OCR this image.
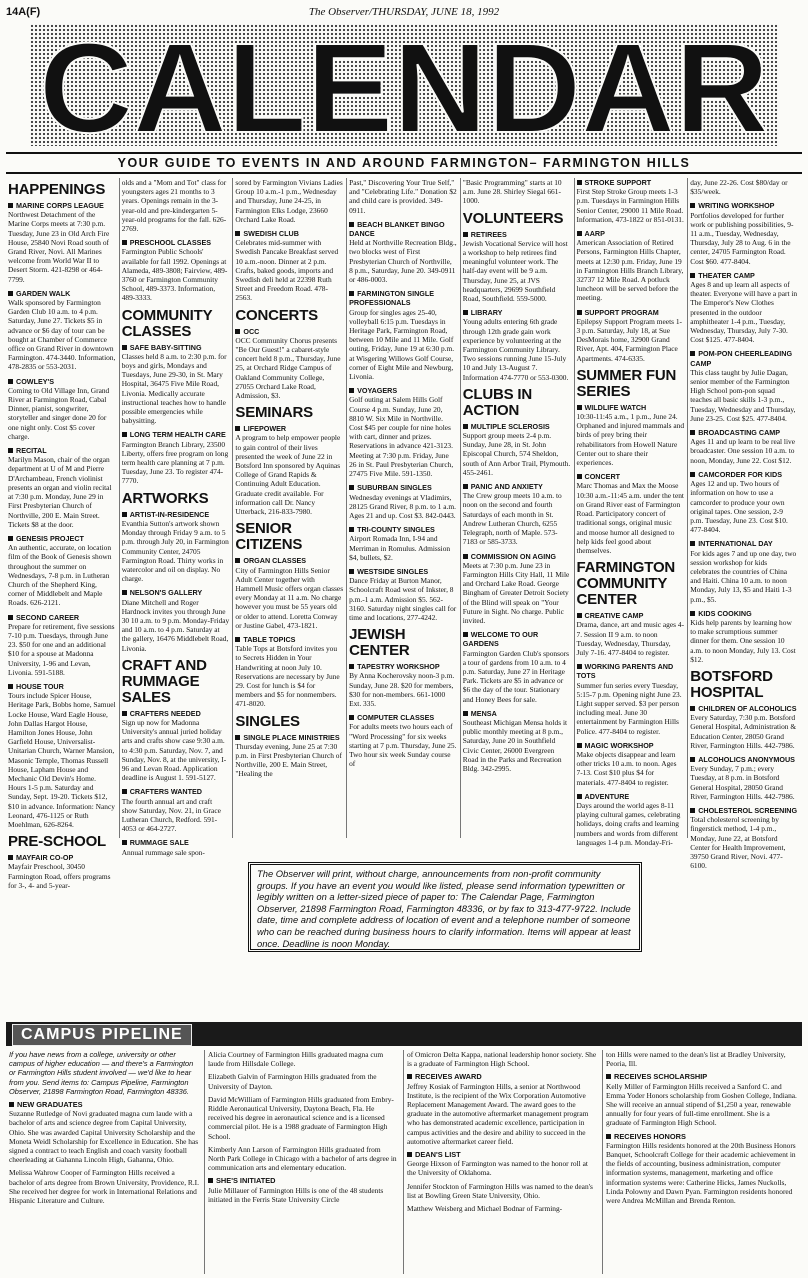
14A(F)	The Observer/THURSDAY, JUNE 18, 1992
CALENDAR
YOUR GUIDE TO EVENTS IN AND AROUND FARMINGTON– FARMINGTON HILLS
HAPPENINGS
MARINE CORPS LEAGUE
Northwest Detachment of the Marine Corps meets at 7:30 p.m. Tuesday, June 23 in Old Arch Fire House, 25840 Novi Road south of Grand River, Novi. All Marines welcome from World War II to Desert Storm. 421-8298 or 464-7799.
GARDEN WALK
Walk sponsored by Farmington Garden Club 10 a.m. to 4 p.m. Saturday, June 27. Tickets $5 in advance or $6 day of tour can be bought at Chamber of Commerce office on Grand River in downtown Farmington. 474-3440. Information, 478-2835 or 553-2031.
COWLEY'S
Coming to Old Village Inn, Grand River at Farmington Road, Cabal Dinner, pianist, songwriter, storyteller and singer done 20 for one night only. Cost $5 cover charge.
RECITAL
Marilyn Mason, chair of the organ department at U of M and Pierre D'Archambeau, French violinist presents an organ and violin recital at 7:30 p.m. Monday, June 29 in First Presbyterian Church of Northville, 200 E. Main Street. Tickets $8 at the door.
GENESIS PROJECT
An authentic, accurate, on location film of the Book of Genesis shown throughout the summer on Wednesdays, 7-8 p.m. in Lutheran Church of the Shepherd King, corner of Middlebelt and Maple Roads. 626-2121.
SECOND CAREER
Prepare for retirement, five sessions 7-10 p.m. Tuesdays, through June 23. $50 for one and an additional $10 for a spouse at Madonna University, 1-96 and Levan, Livonia. 591-5188.
HOUSE TOUR
Tours include Spicer House, Heritage Park, Bobbs home, Samuel Locke House, Ward Eagle House, John Dallas Hargot House, Hamilton Jones House, John Garfield House, Universalist-Unitarian Church, Warner Mansion, Masonic Temple, Thomas Russell House, Lapham House and Mechanic Old Devin's Home. Hours 1-5 p.m. Saturday and Sunday, Sept. 19-20. Tickets $12, $10 in advance. Information: Nancy Leonard, 476-1125 or Ruth Moehlman, 626-8264.
PRE-SCHOOL
MAYFAIR CO-OP
Mayfair Preschool, 30450 Farmington Road, offers programs for 3-, 4- and 5-year-
olds and a "Mom and Tot" class for youngsters ages 21 months to 3 years. Openings remain in the 3-year-old and pre-kindergarten 5-year-old programs for the fall. 626-2769.
PRESCHOOL CLASSES
Farmington Public Schools' available for fall 1992. Openings at Alameda, 489-3808; Fairview, 489-3760 or Farmington Community School, 489-3373. Information, 489-3333.
COMMUNITY CLASSES
SAFE BABY-SITTING
Classes held 8 a.m. to 2:30 p.m. for boys and girls, Mondays and Tuesdays, June 29-30, in St. Mary Hospital, 36475 Five Mile Road, Livonia. Medically accurate instructional teaches how to handle possible emergencies while babysitting.
LONG TERM HEALTH CARE
Farmington Branch Library, 23500 Liberty, offers free program on long term health care planning at 7 p.m. Tuesday, June 23. To register 474-7770.
ARTWORKS
ARTIST-IN-RESIDENCE
Evanthia Sutton's artwork shown Monday through Friday 9 a.m. to 5 p.m. through July 20, in Farmington Community Center, 24705 Farmington Road. Thirty works in watercolor and oil on display. No charge.
NELSON'S GALLERY
Diane Mitchell and Roger Hardnock invites you through June 30 10 a.m. to 9 p.m. Monday-Friday and 10 a.m. to 4 p.m. Saturday at the gallery, 16476 Middlebelt Road, Livonia.
CRAFT AND RUMMAGE SALES
CRAFTERS NEEDED
Sign up now for Madonna University's annual juried holiday arts and crafts show case 9:30 a.m. to 4:30 p.m. Saturday, Nov. 7, and Sunday, Nov. 8, at the university, I-96 and Levan Road. Application deadline is August 1. 591-5127.
CRAFTERS WANTED
The fourth annual art and craft show Saturday, Nov. 21, in Grace Lutheran Church, Redford. 591-4053 or 464-2727.
RUMMAGE SALE
Annual rummage sale spon-
sored by Farmington Vivians Ladies Group 10 a.m.-1 p.m., Wednesday and Thursday, June 24-25, in Farmington Elks Lodge, 23660 Orchard Lake Road.
SWEDISH CLUB
Celebrates mid-summer with Swedish Pancake Breakfast served 10 a.m.-noon. Dinner at 2 p.m. Crafts, baked goods, imports and Swedish deli held at 22398 Ruth Street and Freedom Road. 478-2563.
CONCERTS
OCC
OCC Community Chorus presents "Be Our Guest!" a cabaret-style concert held 8 p.m., Thursday, June 25, at Orchard Ridge Campus of Oakland Community College, 27055 Orchard Lake Road, Admission, $3.
SEMINARS
LIFEPOWER
A program to help empower people to gain control of their lives presented the week of June 22 in Botsford Inn sponsored by Aquinas College of Grand Rapids & Continuing Adult Education. Graduate credit available. For information call Dr. Nancy Utterback, 216-833-7980.
SENIOR CITIZENS
ORGAN CLASSES
City of Farmington Hills Senior Adult Center together with Hammell Music offers organ classes every Monday at 11 a.m. No charge however you must be 55 years old or older to attend. Loretta Conway or Justine Gabel, 473-1821.
TABLE TOPICS
Table Tops at Botsford invites you to Secrets Hidden in Your Handwriting at noon July 10. Reservations are necessary by June 29. Cost for lunch is $4 for members and $5 for nonmembers. 471-8020.
SINGLES
SINGLE PLACE MINISTRIES
Thursday evening, June 25 at 7:30 p.m. in First Presbyterian Church of Northville, 200 E. Main Street, "Healing the
Past," Discovering Your True Self," and "Celebrating Life." Donation $2 and child care is provided. 349-0911.
BEACH BLANKET BINGO DANCE
Held at Northville Recreation Bldg., two blocks west of First Presbyterian Church of Northville, 8 p.m., Saturday, June 20. 349-0911 or 486-0003.
FARMINGTON SINGLE PROFESSIONALS
Group for singles ages 25-40, volleyball 6:15 p.m. Tuesdays in Heritage Park, Farmington Road, between 10 Mile and 11 Mile. Golf outing, Friday, June 19 at 6:30 p.m. at Wisgering Willows Golf Course, corner of Eight Mile and Newburg, Livonia.
VOYAGERS
Golf outing at Salem Hills Golf Course 4 p.m. Sunday, June 20, 8810 W. Six Mile in Northville. Cost $45 per couple for nine holes with cart, dinner and prizes. Reservations in advance 421-3123. Meeting at 7:30 p.m. Friday, June 26 in St. Paul Presbyterian Church, 27475 Five Mile. 591-1350.
SUBURBAN SINGLES
Wednesday evenings at Vladimirs, 28125 Grand River, 8 p.m. to 1 a.m. Ages 21 and up. Cost $3. 842-0443.
TRI-COUNTY SINGLES
Airport Romada Inn, I-94 and Merriman in Romulus. Admission $4, bullets, $2.
WESTSIDE SINGLES
Dance Friday at Burton Manor, Schoolcraft Road west of Inkster, 8 p.m.-1 a.m. Admission $5. 562-3160. Saturday night singles call for time and locations, 277-4242.
JEWISH CENTER
TAPESTRY WORKSHOP
By Anna Kocherovsky noon-3 p.m. Sunday, June 28. $20 for members, $30 for non-members. 661-1000 Ext. 335.
COMPUTER CLASSES
For adults meets two hours each of "Word Processing" for six weeks starting at 7 p.m. Thursday, June 25. Two hour six week Sunday course of
"Basic Programming" starts at 10 a.m. June 28. Shirley Siegal 661-1000.
VOLUNTEERS
RETIREES
Jewish Vocational Service will host a workshop to help retirees find meaningful volunteer work. The half-day event will be 9 a.m. Thursday, June 25, at JVS headquarters, 29699 Southfield Road, Southfield. 559-5000.
LIBRARY
Young adults entering 6th grade through 12th grade gain work experience by volunteering at the Farmington Community Library. Two sessions running June 15-July 10 and July 13-August 7. Information 474-7770 or 553-0300.
CLUBS IN ACTION
MULTIPLE SCLEROSIS
Support group meets 2-4 p.m. Sunday, June 28, in St. John Episcopal Church, 574 Sheldon, south of Ann Arbor Trail, Plymouth. 455-2461.
PANIC AND ANXIETY
The Crew group meets 10 a.m. to noon on the second and fourth Saturdays of each month in St. Andrew Lutheran Church, 6255 Telegraph, north of Maple. 573-7183 or 585-3733.
COMMISSION ON AGING
Meets at 7:30 p.m. June 23 in Farmington Hills City Hall, 11 Mile and Orchard Lake Road. George Bingham of Greater Detroit Society of the Blind will speak on "Your Future in Sight. No charge. Public invited.
WELCOME TO OUR GARDENS
Farmington Garden Club's sponsors a tour of gardens from 10 a.m. to 4 p.m. Saturday, June 27 in Heritage Park. Tickets are $5 in advance or $6 the day of the tour. Stationary and Honey Bees for sale.
MENSA
Southeast Michigan Mensa holds it public monthly meeting at 8 p.m., Saturday, June 20 in Southfield Civic Center, 26000 Evergreen Road in the Parks and Recreation Bldg. 342-2995.
STROKE SUPPORT
First Step Stroke Group meets 1-3 p.m. Tuesdays in Farmington Hills Senior Center, 29000 11 Mile Road. Information, 473-1822 or 851-0131.
AARP
American Association of Retired Persons, Farmington Hills Chapter, meets at 12:30 p.m. Friday, June 19 in Farmington Hills Branch Library, 32737 12 Mile Road. A potluck luncheon will be served before the meeting.
SUPPORT PROGRAM
Epilepsy Support Program meets 1-3 p.m. Saturday, July 18, at Sue DesMorais home, 32900 Grand River, Apt. 404, Farmington Place Apartments. 474-6335.
SUMMER FUN SERIES
WILDLIFE WATCH
10:30-11:45 a.m., 1 p.m., June 24. Orphaned and injured mammals and birds of prey bring their rehabilitators from Howell Nature Center out to share their experiences.
CONCERT
Marc Thomas and Max the Moose 10:30 a.m.-11:45 a.m. under the tent on Grand River east of Farmington Road. Participatory concert of traditional songs, original music and moose humor all designed to help kids feel good about themselves.
FARMINGTON COMMUNITY CENTER
CREATIVE CAMP
Drama, dance, art and music ages 4-7. Session II 9 a.m. to noon Tuesday, Wednesday, Thursday, July 7-16. 477-8404 to register.
WORKING PARENTS AND TOTS
Summer fun series every Tuesday, 5:15-7 p.m. Opening night June 23. Light supper served. $3 per person including meal. June 30 entertainment by Farmington Hills Police. 477-8404 to register.
MAGIC WORKSHOP
Make objects disappear and learn other tricks 10 a.m. to noon. Ages 7-13. Cost $10 plus $4 for materials. 477-8404 to register.
ADVENTURE
Days around the world ages 8-11 playing cultural games, celebrating holidays, doing crafts and learning numbers and words from different languages 1-4 p.m. Monday-Fri-
day, June 22-26. Cost $80/day or $35/week.
WRITING WORKSHOP
Portfolios developed for further work or publishing possibilities, 9-11 a.m., Tuesday, Wednesday, Thursday, July 28 to Aug. 6 in the center, 24705 Farmington Road. Cost $60. 477-8404.
THEATER CAMP
Ages 8 and up learn all aspects of theater. Everyone will have a part in The Emperor's New Clothes presented in the outdoor amphitheater 1-4 p.m., Tuesday, Wednesday, Thursday, July 7-30. Cost $125. 477-8404.
POM-PON CHEERLEADING CAMP
This class taught by Julie Dagan, senior member of the Farmington High School pom-pon squad teaches all basic skills 1-3 p.m., Tuesday, Wednesday and Thursday, June 23-25. Cost $25. 477-8404.
BROADCASTING CAMP
Ages 11 and up learn to be real live broadcaster. One session 10 a.m. to noon, Monday, June 22. Cost $12.
CAMCORDER FOR KIDS
Ages 12 and up. Two hours of information on how to use a camcorder to produce your own original tapes. One session, 2-9 p.m. Tuesday, June 23. Cost $10. 477-8404.
INTERNATIONAL DAY
For kids ages 7 and up one day, two session workshop for kids celebrates the countries of China and Haiti. China 10 a.m. to noon Monday, July 13, $5 and Haiti 1-3 p.m., $5.
KIDS COOKING
Kids help parents by learning how to make scrumptious summer dinner for them. One session 10 a.m. to noon Monday, July 13. Cost $12.
BOTSFORD HOSPITAL
CHILDREN OF ALCOHOLICS
Every Saturday, 7:30 p.m. Botsford General Hospital, Administration & Education Center, 28050 Grand River, Farmington Hills. 442-7986.
ALCOHOLICS ANONYMOUS
Every Sunday, 7 p.m.; every Tuesday, at 8 p.m. in Botsford General Hospital, 28050 Grand River, Farmington Hills. 442-7986.
CHOLESTEROL SCREENING
Total cholesterol screening by fingerstick method, 1-4 p.m., Monday, June 22, at Botsford Center for Health Improvement, 39750 Grand River, Novi. 477-6100.
The Observer will print, without charge, announcements from non-profit community groups. If you have an event you would like listed, please send information typewritten or legibly written on a letter-sized piece of paper to: The Calendar Page, Farmington Observer, 21898 Farmington Road, Farmington 48336, or by fax to 313-477-9722. Include date, time and complete address of location of event and a telephone number of someone who can be reached during business hours to clarify information. Items will appear at least once. Deadline is noon Monday.
CAMPUS PIPELINE

If you have news from a college, university or other campus of higher education — and there's a Farmington or Farmington Hills student involved — we'd like to hear from you. Send items to: Campus Pipeline, Farmington Observer, 21898 Farmington Road, Farmington 48336.

NEW GRADUATES

Suzanne Rutledge of Novi graduated magna cum laude with a bachelor of arts and science degree from Capital University, Ohio. She was awarded Capital University Scholarship and the Moneta Weidl Scholarship for Excellence in Education. She has signed a contract to teach English and coach varsity football cheerleading at Gahanna Lincoln High, Gahanna, Ohio.

Melissa Wahrow Cooper of Farmington Hills received a bachelor of arts degree from Brown University, Providence, R.I. She received her degree for work in International Relations and Hispanic Literature and Culture.

Alicia Courtney of Farmington Hills graduated magna cum laude from Hillsdale College.

Elizabeth Galvin of Farmington Hills graduated from the University of Dayton.

David McWilliam of Farmington Hills graduated from Embry-Riddle Aeronautical University, Daytona Beach, Fla. He received his degree in aeronautical science and is a licensed commercial pilot. He is a 1988 graduate of Farmington High School.

Kimberly Ann Larson of Farmington Hills graduated from North Park College in Chicago with a bachelor of arts degree in communication arts and elementary education.

SHE'S INITIATED

Julie Millauer of Farmington Hills is one of the 48 students initiated in the Ferris State University Circle

of Omicron Delta Kappa, national leadership honor society. She is a graduate of Farmington High School.

RECEIVES AWARD

Jeffrey Kosiak of Farmington Hills, a senior at Northwood Institute, is the recipient of the Wix Corporation Automotive Replacement Management Award. The award goes to the graduate in the automotive aftermarket management program who has demonstrated academic excellence, participation in campus activities and the desire and ability to succeed in the automotive aftermarket career field.

DEAN'S LIST

George Hixson of Farmington was named to the honor roll at the University of Oklahoma.

Jennifer Stockton of Farmington Hills was named to the dean's list at Bowling Green State University, Ohio.

Matthew Weisberg and Michael Bodnar of Farming-

ton Hills were named to the dean's list at Bradley University, Peoria, Ill.

RECEIVES SCHOLARSHIP

Kelly Miller of Farmington Hills received a Sanford C. and Emma Yoder Honors scholarship from Goshen College, Indiana. She will receive an annual stipend of $1,250 a year, renewable annually for four years of full-time enrollment. She is a graduate of Farmington High School.

RECEIVES HONORS

Farmington Hills residents honored at the 20th Business Honors Banquet, Schoolcraft College for their academic achievement in the fields of accounting, business administration, computer information systems, management, marketing and office information systems were: Catherine Hicks, James Nuckolls, Linda Polowny and Dawn Pyan. Farmington residents honored were Andrea McMillan and Brenda Renton.
